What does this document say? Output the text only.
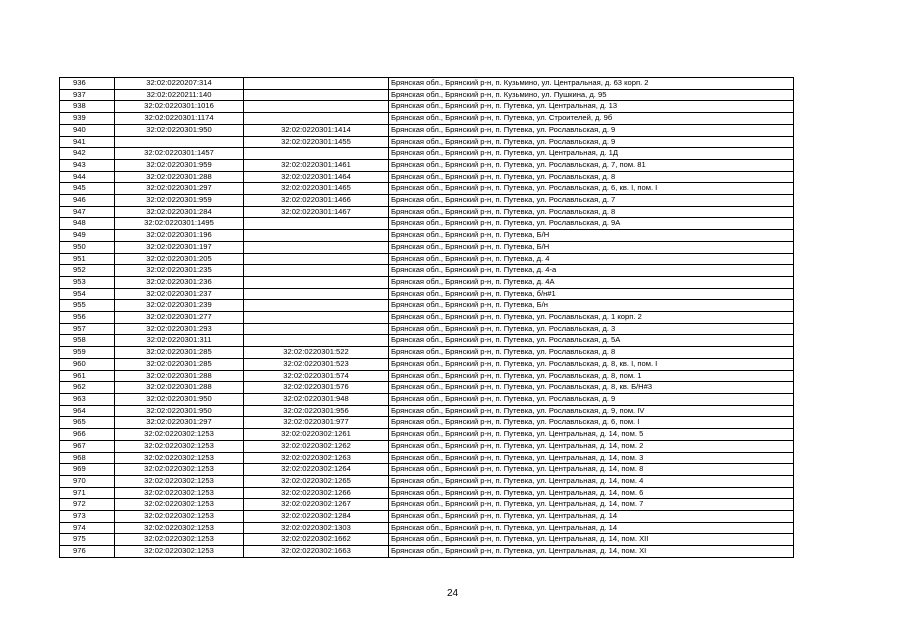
936	32:02:0220207:314		Брянская обл., Брянский р-н, п. Кузьмино, ул. Центральная, д. 63 корп. 2
937	32:02:0220211:140		Брянская обл., Брянский р-н, п. Кузьмино, ул. Пушкина, д. 95
938	32:02:0220301:1016		Брянская обл., Брянский р-н, п. Путевка, ул. Центральная, д. 13
939	32:02:0220301:1174		Брянская обл., Брянский р-н, п. Путевка, ул. Строителей, д. 9б
940	32:02:0220301:950	32:02:0220301:1414	Брянская обл., Брянский р-н, п. Путевка, ул. Рославльская, д. 9
941		32:02:0220301:1455	Брянская обл., Брянский р-н, п. Путевка, ул. Рославльская, д. 9
942	32:02:0220301:1457		Брянская обл., Брянский р-н, п. Путевка, ул. Центральная, д. 1Д
943	32:02:0220301:959	32:02:0220301:1461	Брянская обл., Брянский р-н, п. Путевка, ул. Рославльская, д. 7, пом. 81
944	32:02:0220301:288	32:02:0220301:1464	Брянская обл., Брянский р-н, п. Путевка, ул. Рославльская, д. 8
945	32:02:0220301:297	32:02:0220301:1465	Брянская обл., Брянский р-н, п. Путевка, ул. Рославльская, д. 6, кв. I, пом. I
946	32:02:0220301:959	32:02:0220301:1466	Брянская обл., Брянский р-н, п. Путевка, ул. Рославльская, д. 7
947	32:02:0220301:284	32:02:0220301:1467	Брянская обл., Брянский р-н, п. Путевка, ул. Рославльская, д. 8
948	32:02:0220301:1495		Брянская обл., Брянский р-н, п. Путевка, ул. Рославльская, д. 9А
949	32:02:0220301:196		Брянская обл., Брянский р-н, п. Путевка, Б/Н
950	32:02:0220301:197		Брянская обл., Брянский р-н, п. Путевка, Б/Н
951	32:02:0220301:205		Брянская обл., Брянский р-н, п. Путевка, д. 4
952	32:02:0220301:235		Брянская обл., Брянский р-н, п. Путевка, д. 4-а
953	32:02:0220301:236		Брянская обл., Брянский р-н, п. Путевка, д. 4А
954	32:02:0220301:237		Брянская обл., Брянский р-н, п. Путевка, б/н#1
955	32:02:0220301:239		Брянская обл., Брянский р-н, п. Путевка, Б/н
956	32:02:0220301:277		Брянская обл., Брянский р-н, п. Путевка, ул. Рославльская, д. 1 корп. 2
957	32:02:0220301:293		Брянская обл., Брянский р-н, п. Путевка, ул. Рославльская, д. 3
958	32:02:0220301:311		Брянская обл., Брянский р-н, п. Путевка, ул. Рославльская, д. 5А
959	32:02:0220301:285	32:02:0220301:522	Брянская обл., Брянский р-н, п. Путевка, ул. Рославльская, д. 8
960	32:02:0220301:285	32:02:0220301:523	Брянская обл., Брянский р-н, п. Путевка, ул. Рославльская, д. 8, кв. I, пом. I
961	32:02:0220301:288	32:02:0220301:574	Брянская обл., Брянский р-н, п. Путевка, ул. Рославльская, д. 8, пом. 1
962	32:02:0220301:288	32:02:0220301:576	Брянская обл., Брянский р-н, п. Путевка, ул. Рославльская, д. 8, кв. Б/Н#3
963	32:02:0220301:950	32:02:0220301:948	Брянская обл., Брянский р-н, п. Путевка, ул. Рославльская, д. 9
964	32:02:0220301:950	32:02:0220301:956	Брянская обл., Брянский р-н, п. Путевка, ул. Рославльская, д. 9, пом. IV
965	32:02:0220301:297	32:02:0220301:977	Брянская обл., Брянский р-н, п. Путевка, ул. Рославльская, д. 6, пом. I
966	32:02:0220302:1253	32:02:0220302:1261	Брянская обл., Брянский р-н, п. Путевка, ул. Центральная, д. 14, пом. 5
967	32:02:0220302:1253	32:02:0220302:1262	Брянская обл., Брянский р-н, п. Путевка, ул. Центральная, д. 14, пом. 2
968	32:02:0220302:1253	32:02:0220302:1263	Брянская обл., Брянский р-н, п. Путевка, ул. Центральная, д. 14, пом. 3
969	32:02:0220302:1253	32:02:0220302:1264	Брянская обл., Брянский р-н, п. Путевка, ул. Центральная, д. 14, пом. 8
970	32:02:0220302:1253	32:02:0220302:1265	Брянская обл., Брянский р-н, п. Путевка, ул. Центральная, д. 14, пом. 4
971	32:02:0220302:1253	32:02:0220302:1266	Брянская обл., Брянский р-н, п. Путевка, ул. Центральная, д. 14, пом. 6
972	32:02:0220302:1253	32:02:0220302:1267	Брянская обл., Брянский р-н, п. Путевка, ул. Центральная, д. 14, пом. 7
973	32:02:0220302:1253	32:02:0220302:1284	Брянская обл., Брянский р-н, п. Путевка, ул. Центральная, д. 14
974	32:02:0220302:1253	32:02:0220302:1303	Брянская обл., Брянский р-н, п. Путевка, ул. Центральная, д. 14
975	32:02:0220302:1253	32:02:0220302:1662	Брянская обл., Брянский р-н, п. Путевка, ул. Центральная, д. 14, пом. XII
976	32:02:0220302:1253	32:02:0220302:1663	Брянская обл., Брянский р-н, п. Путевка, ул. Центральная, д. 14, пом. XI
24
